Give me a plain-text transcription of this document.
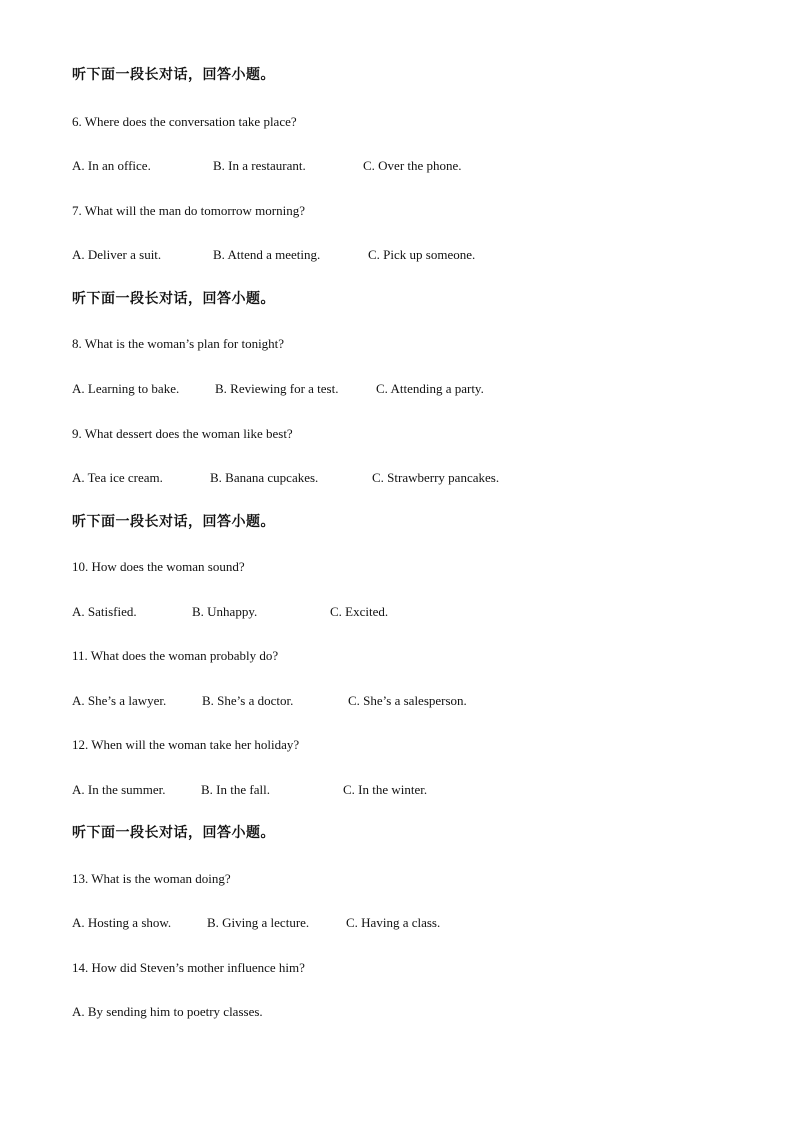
听下面一段长对话，回答小题。
6. Where does the conversation take place?

A. In an office.

	B. In a restaurant.

	C. Over the phone.

7. What will the man do tomorrow morning?

A. Deliver a suit.

	B. Attend a meeting.

	C. Pick up someone.

听下面一段长对话，回答小题。
8. What is the woman’s plan for tonight?

A. Learning to bake.

	B. Reviewing for a test.

	C. Attending a party.

9. What dessert does the woman like best?

A. Tea ice cream.

	B. Banana cupcakes.

	C. Strawberry pancakes.

听下面一段长对话，回答小题。
10. How does the woman sound?

A. Satisfied.

	B. Unhappy.

	C. Excited.

11. What does the woman probably do?

A. She’s a lawyer.

	B. She’s a doctor.

	C. She’s a salesperson.

12. When will the woman take her holiday?

A. In the summer.

	B. In the fall.

	C. In the winter.

听下面一段长对话，回答小题。
13. What is the woman doing?

A. Hosting a show.

	B. Giving a lecture.

	C. Having a class.

14. How did Steven’s mother influence him?
A. By sending him to poetry classes.
